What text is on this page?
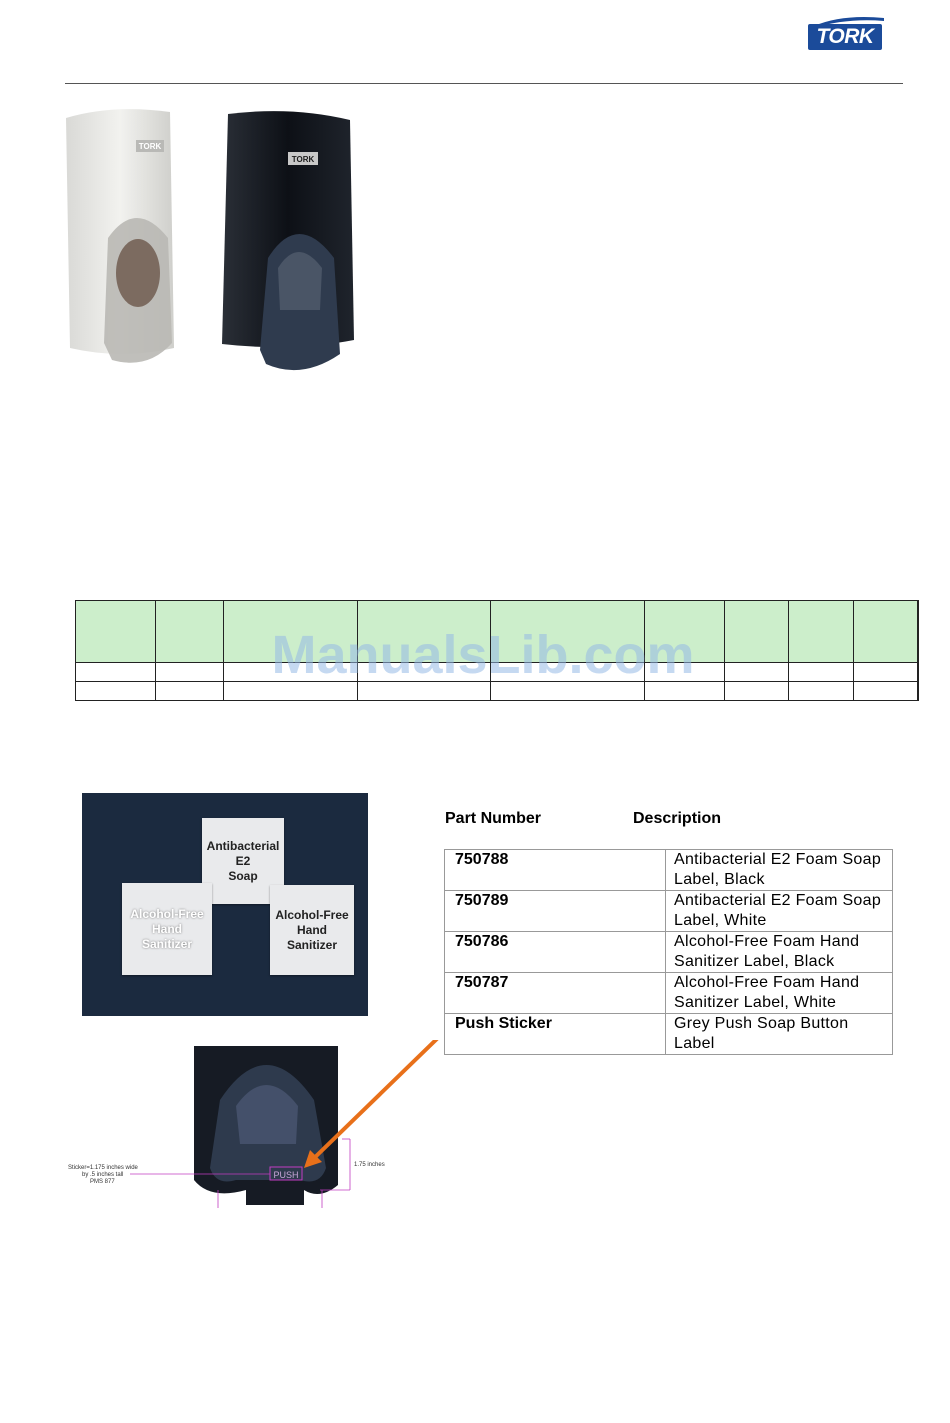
TORK
TORK
TORK

ManualsLib.com
Antibacterial
E2
Soap
Alcohol-Free
Hand
Sanitizer
Alcohol-Free
Hand
Sanitizer
Part Number	Description
750788	Antibacterial E2 Foam Soap
Label, Black
750789	Antibacterial E2 Foam Soap
Label, White
750786	Alcohol-Free Foam Hand
Sanitizer Label, Black
750787	Alcohol-Free Foam Hand
Sanitizer Label, White
Push Sticker	Grey Push Soap Button
Label
PUSH
Sticker=1.175 inches wide
by .5 inches tall
PMS 877
1.75 inches
